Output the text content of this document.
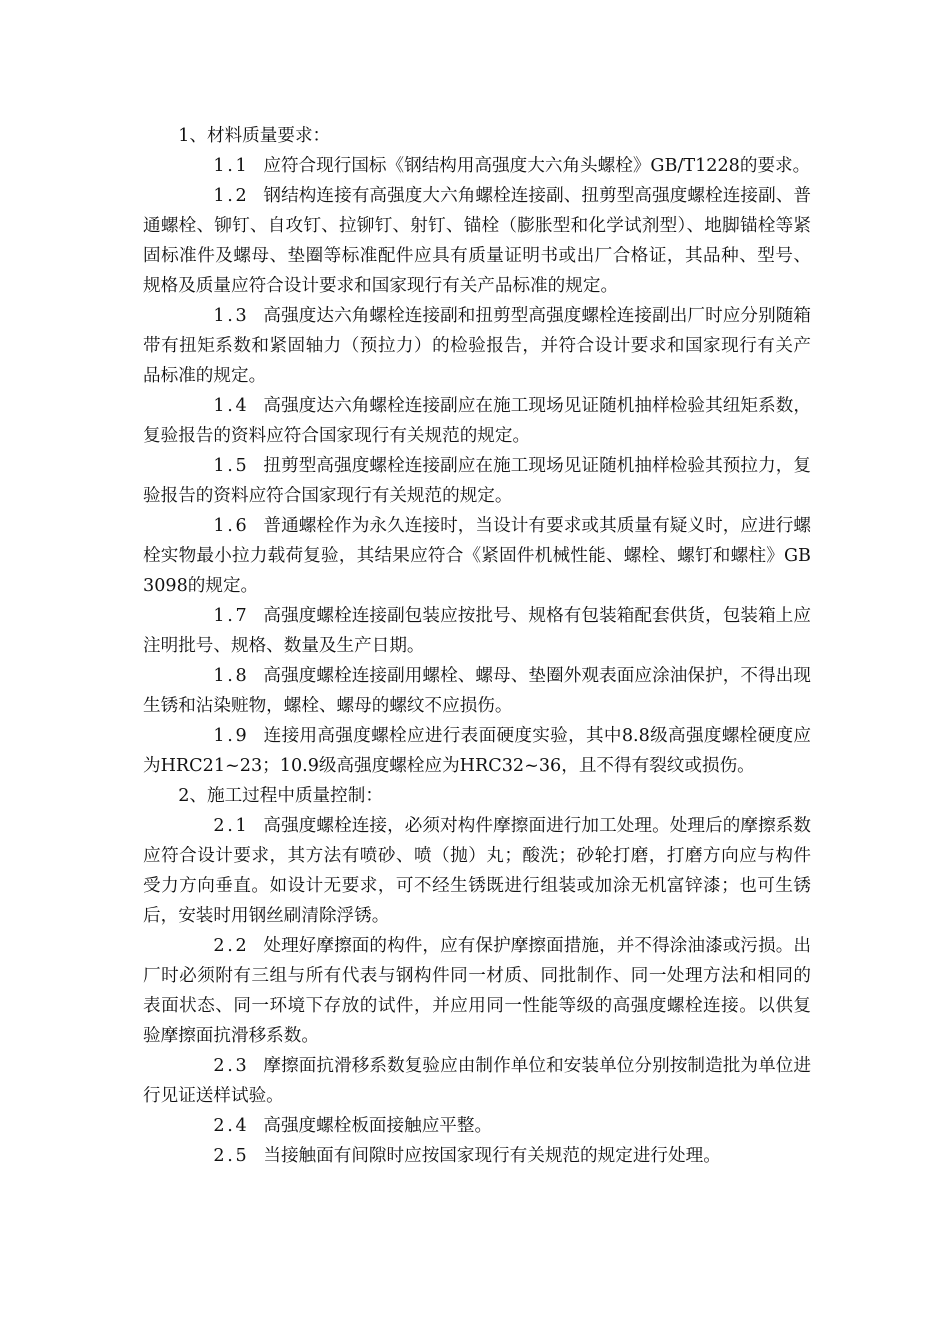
1、材料质量要求：

1.1 应符合现行国标《钢结构用高强度大六角头螺栓》GB/T1228的要求。

1.2 钢结构连接有高强度大六角螺栓连接副、扭剪型高强度螺栓连接副、普通螺栓、铆钉、自攻钉、拉铆钉、射钉、锚栓（膨胀型和化学试剂型）、地脚锚栓等紧固标准件及螺母、垫圈等标准配件应具有质量证明书或出厂合格证，其品种、型号、规格及质量应符合设计要求和国家现行有关产品标准的规定。

1.3 高强度达六角螺栓连接副和扭剪型高强度螺栓连接副出厂时应分别随箱带有扭矩系数和紧固轴力（预拉力）的检验报告，并符合设计要求和国家现行有关产品标准的规定。

1.4 高强度达六角螺栓连接副应在施工现场见证随机抽样检验其纽矩系数，复验报告的资料应符合国家现行有关规范的规定。

1.5 扭剪型高强度螺栓连接副应在施工现场见证随机抽样检验其预拉力，复验报告的资料应符合国家现行有关规范的规定。

1.6 普通螺栓作为永久连接时，当设计有要求或其质量有疑义时，应进行螺栓实物最小拉力载荷复验，其结果应符合《紧固件机械性能、螺栓、螺钉和螺柱》GB3098的规定。

1.7 高强度螺栓连接副包装应按批号、规格有包装箱配套供货，包装箱上应注明批号、规格、数量及生产日期。

1.8 高强度螺栓连接副用螺栓、螺母、垫圈外观表面应涂油保护，不得出现生锈和沾染赃物，螺栓、螺母的螺纹不应损伤。

1.9 连接用高强度螺栓应进行表面硬度实验，其中8.8级高强度螺栓硬度应为HRC21~23；10.9级高强度螺栓应为HRC32~36，且不得有裂纹或损伤。

2、施工过程中质量控制：

2.1 高强度螺栓连接，必须对构件摩擦面进行加工处理。处理后的摩擦系数应符合设计要求，其方法有喷砂、喷（抛）丸；酸洗；砂轮打磨，打磨方向应与构件受力方向垂直。如设计无要求，可不经生锈既进行组装或加涂无机富锌漆；也可生锈后，安装时用钢丝刷清除浮锈。

2.2 处理好摩擦面的构件，应有保护摩擦面措施，并不得涂油漆或污损。出厂时必须附有三组与所有代表与钢构件同一材质、同批制作、同一处理方法和相同的表面状态、同一环境下存放的试件，并应用同一性能等级的高强度螺栓连接。以供复验摩擦面抗滑移系数。

2.3 摩擦面抗滑移系数复验应由制作单位和安装单位分别按制造批为单位进行见证送样试验。

2.4 高强度螺栓板面接触应平整。

2.5 当接触面有间隙时应按国家现行有关规范的规定进行处理。
